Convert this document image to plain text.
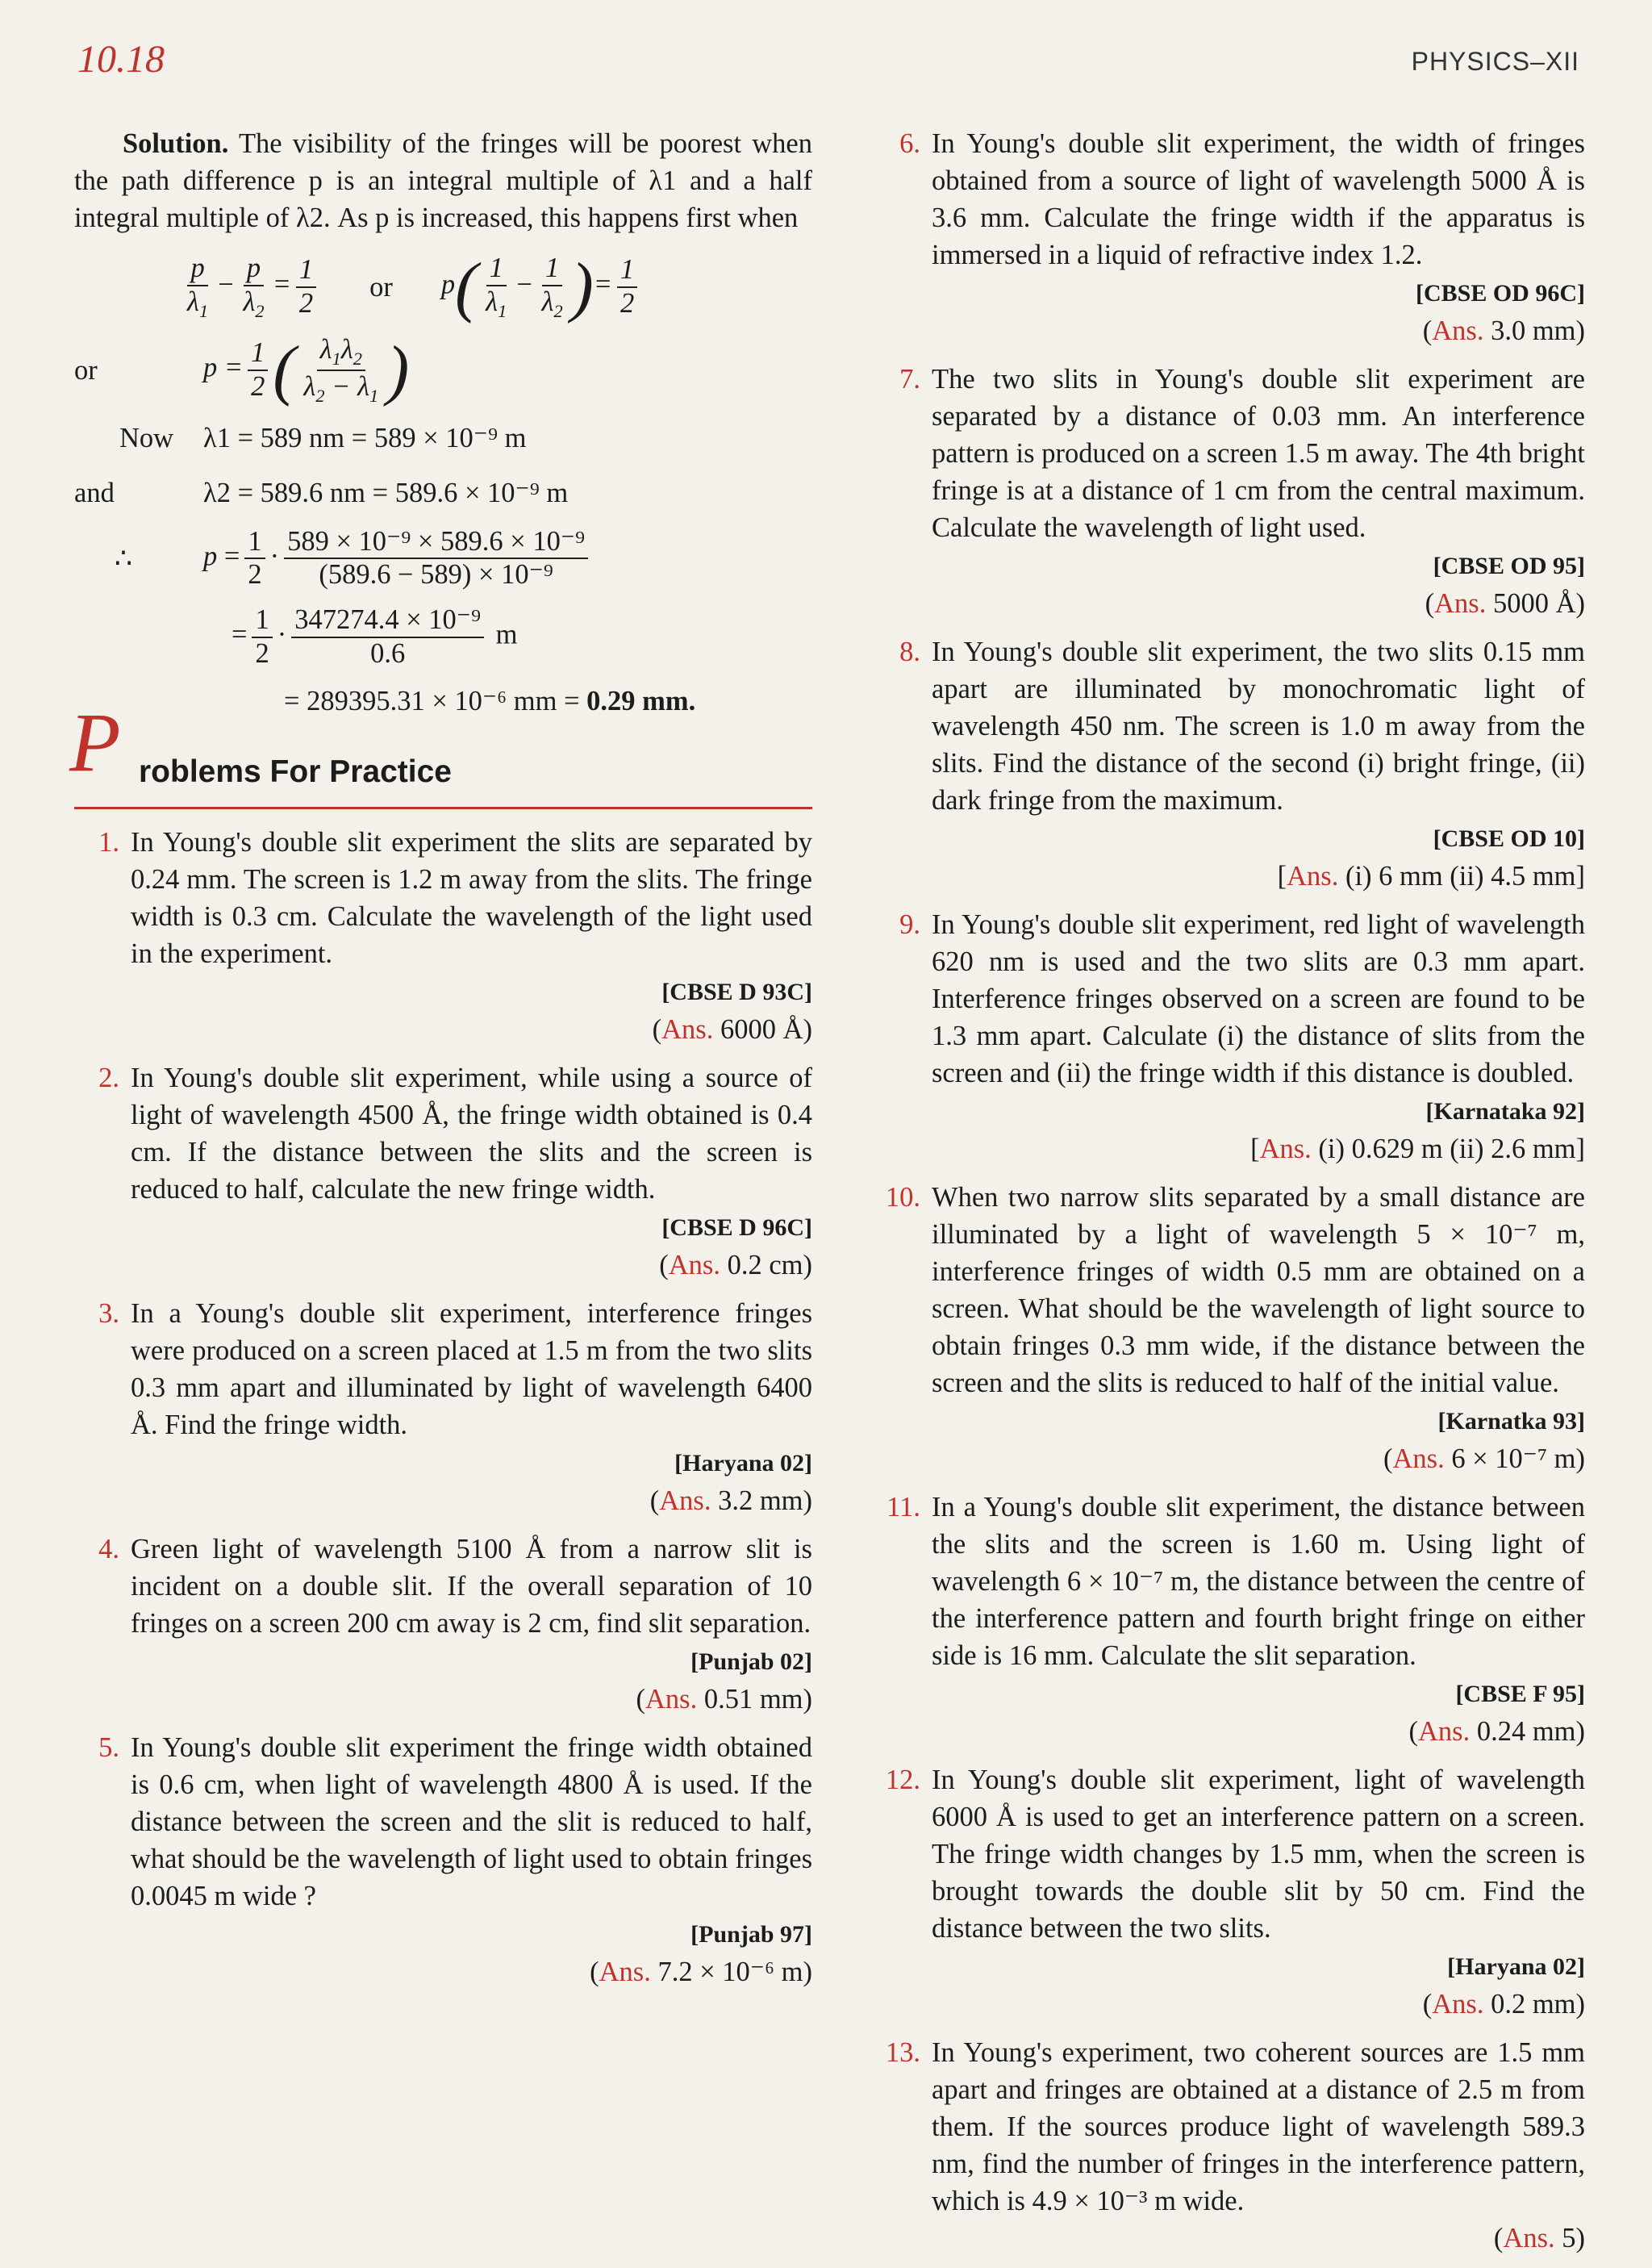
10.18	PHYSICS–XII

Solution. The visibility of the fringes will be poorest when the path difference p is an integral multiple of λ1 and a half integral multiple of λ2. As p is increased, this happens first when

$\frac{p}{\lambda_1} - \frac{p}{\lambda_2} = \frac{1}{2}$ or $p( \frac{1}{\lambda_1} - \frac{1}{\lambda_2}$ )= $\frac{1}{2}$
or	$p = \frac{1}{2}$ ( $\frac{\lambda_1\lambda_2}{\lambda_2 - \lambda_1}$ )
Now	λ1 = 589 nm = 589 × 10⁻⁹ m
and	λ2 = 589.6 nm = 589.6 × 10⁻⁹ m
∴	$p = \frac{1}{2} \cdot \frac{\text{589 × 10⁻⁹ × 589.6 × 10⁻⁹}}{\text{(589.6 − 589) × 10⁻⁹}}$
= $\frac{1}{2} \cdot \frac{\text{347274.4 × 10⁻⁹}}{0.6}$ m
= 289395.31 × 10⁻⁶ mm = 0.29 mm.
P roblems For Practice
1. In Young's double slit experiment the slits are separated by 0.24 mm. The screen is 1.2 m away from the slits. The fringe width is 0.3 cm. Calculate the wavelength of the light used in the experiment.

[CBSE D 93C]
(Ans. 6000 Å)
2. In Young's double slit experiment, while using a source of light of wavelength 4500 Å, the fringe width obtained is 0.4 cm. If the distance between the slits and the screen is reduced to half, calculate the new fringe width.

[CBSE D 96C]
(Ans. 0.2 cm)
3. In a Young's double slit experiment, interference fringes were produced on a screen placed at 1.5 m from the two slits 0.3 mm apart and illuminated by light of wavelength 6400 Å. Find the fringe width.

[Haryana 02]
(Ans. 3.2 mm)
4. Green light of wavelength 5100 Å from a narrow slit is incident on a double slit. If the overall separation of 10 fringes on a screen 200 cm away is 2 cm, find slit separation.

[Punjab 02]
(Ans. 0.51 mm)
5. In Young's double slit experiment the fringe width obtained is 0.6 cm, when light of wavelength 4800 Å is used. If the distance between the screen and the slit is reduced to half, what should be the wavelength of light used to obtain fringes 0.0045 m wide ?

[Punjab 97]
(Ans. 7.2 × 10⁻⁶ m)
6. In Young's double slit experiment, the width of fringes obtained from a source of light of wavelength 5000 Å is 3.6 mm. Calculate the fringe width if the apparatus is immersed in a liquid of refractive index 1.2.

[CBSE OD 96C]
(Ans. 3.0 mm)
7. The two slits in Young's double slit experiment are separated by a distance of 0.03 mm. An interference pattern is produced on a screen 1.5 m away. The 4th bright fringe is at a distance of 1 cm from the central maximum. Calculate the wavelength of light used.

[CBSE OD 95]
(Ans. 5000 Å)
8. In Young's double slit experiment, the two slits 0.15 mm apart are illuminated by monochromatic light of wavelength 450 nm. The screen is 1.0 m away from the slits. Find the distance of the second (i) bright fringe, (ii) dark fringe from the maximum.

[CBSE OD 10]
[Ans. (i) 6 mm (ii) 4.5 mm]
9. In Young's double slit experiment, red light of wavelength 620 nm is used and the two slits are 0.3 mm apart. Interference fringes observed on a screen are found to be 1.3 mm apart. Calculate (i) the distance of slits from the screen and (ii) the fringe width if this distance is doubled.

[Karnataka 92]
[Ans. (i) 0.629 m (ii) 2.6 mm]
10. When two narrow slits separated by a small distance are illuminated by a light of wavelength 5 × 10⁻⁷ m, interference fringes of width 0.5 mm are obtained on a screen. What should be the wavelength of light source to obtain fringes 0.3 mm wide, if the distance between the screen and the slits is reduced to half of the initial value.

[Karnatka 93]
(Ans. 6 × 10⁻⁷ m)
11. In a Young's double slit experiment, the distance between the slits and the screen is 1.60 m. Using light of wavelength 6 × 10⁻⁷ m, the distance between the centre of the interference pattern and fourth bright fringe on either side is 16 mm. Calculate the slit separation.

[CBSE F 95]
(Ans. 0.24 mm)
12. In Young's double slit experiment, light of wavelength 6000 Å is used to get an interference pattern on a screen. The fringe width changes by 1.5 mm, when the screen is brought towards the double slit by 50 cm. Find the distance between the two slits.

[Haryana 02]
(Ans. 0.2 mm)
13. In Young's experiment, two coherent sources are 1.5 mm apart and fringes are obtained at a distance of 2.5 m from them. If the sources produce light of wavelength 589.3 nm, find the number of fringes in the interference pattern, which is 4.9 × 10⁻³ m wide.

(Ans. 5)
